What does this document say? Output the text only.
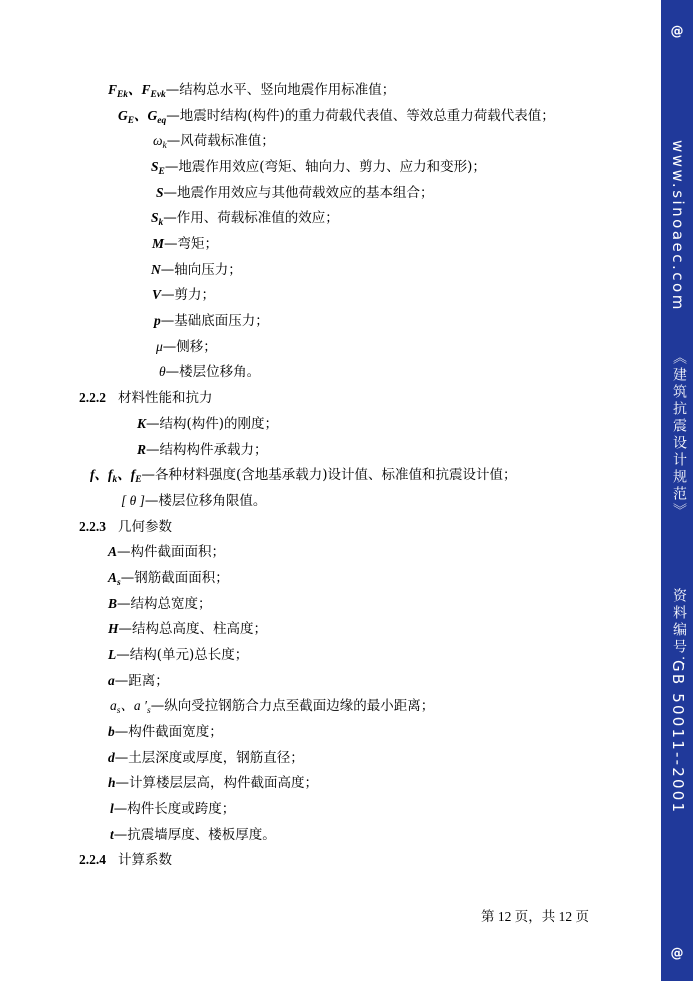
$F_{Ek}$、$F_{Evk}—$结构总水平、竖向地震作用标准值；
$G_E$、$G_{eq}—$地震时结构(构件)的重力荷载代表值、等效总重力荷载代表值；
$\omega_k—$风荷载标准值；
$S_E—$地震作用效应(弯矩、轴向力、剪力、应力和变形)；
S—地震作用效应与其他荷载效应的基本组合；
$S_k—$作用、荷载标准值的效应；
M—弯矩；
N—轴向压力；
V—剪力；
p—基础底面压力；
μ—侧移；
θ—楼层位移角。
2.2.2 材料性能和抗力
K—结构(构件)的刚度；
R—结构构件承载力；
f、$f_k$、$f_E—$各种材料强度(含地基承载力)设计值、标准值和抗震设计值；
[ θ ]—楼层位移角限值。
2.2.3 几何参数
A—构件截面面积；
$A_s—$钢筋截面面积；
B—结构总宽度；
H—结构总高度、柱高度；
L—结构(单元)总长度；
a—距离；
$a_s$、a $'_s—$纵向受拉钢筋合力点至截面边缘的最小距离；
b—构件截面宽度；
d—土层深度或厚度，钢筋直径；
h—计算楼层层高，构件截面高度；
l—构件长度或跨度；
t—抗震墙厚度、楼板厚度。
2.2.4 计算系数
第 12 页，共 12 页
@
www.sinoaec.com
《建筑抗震设计规范》
资料编号：
GB 50011--2001
@
